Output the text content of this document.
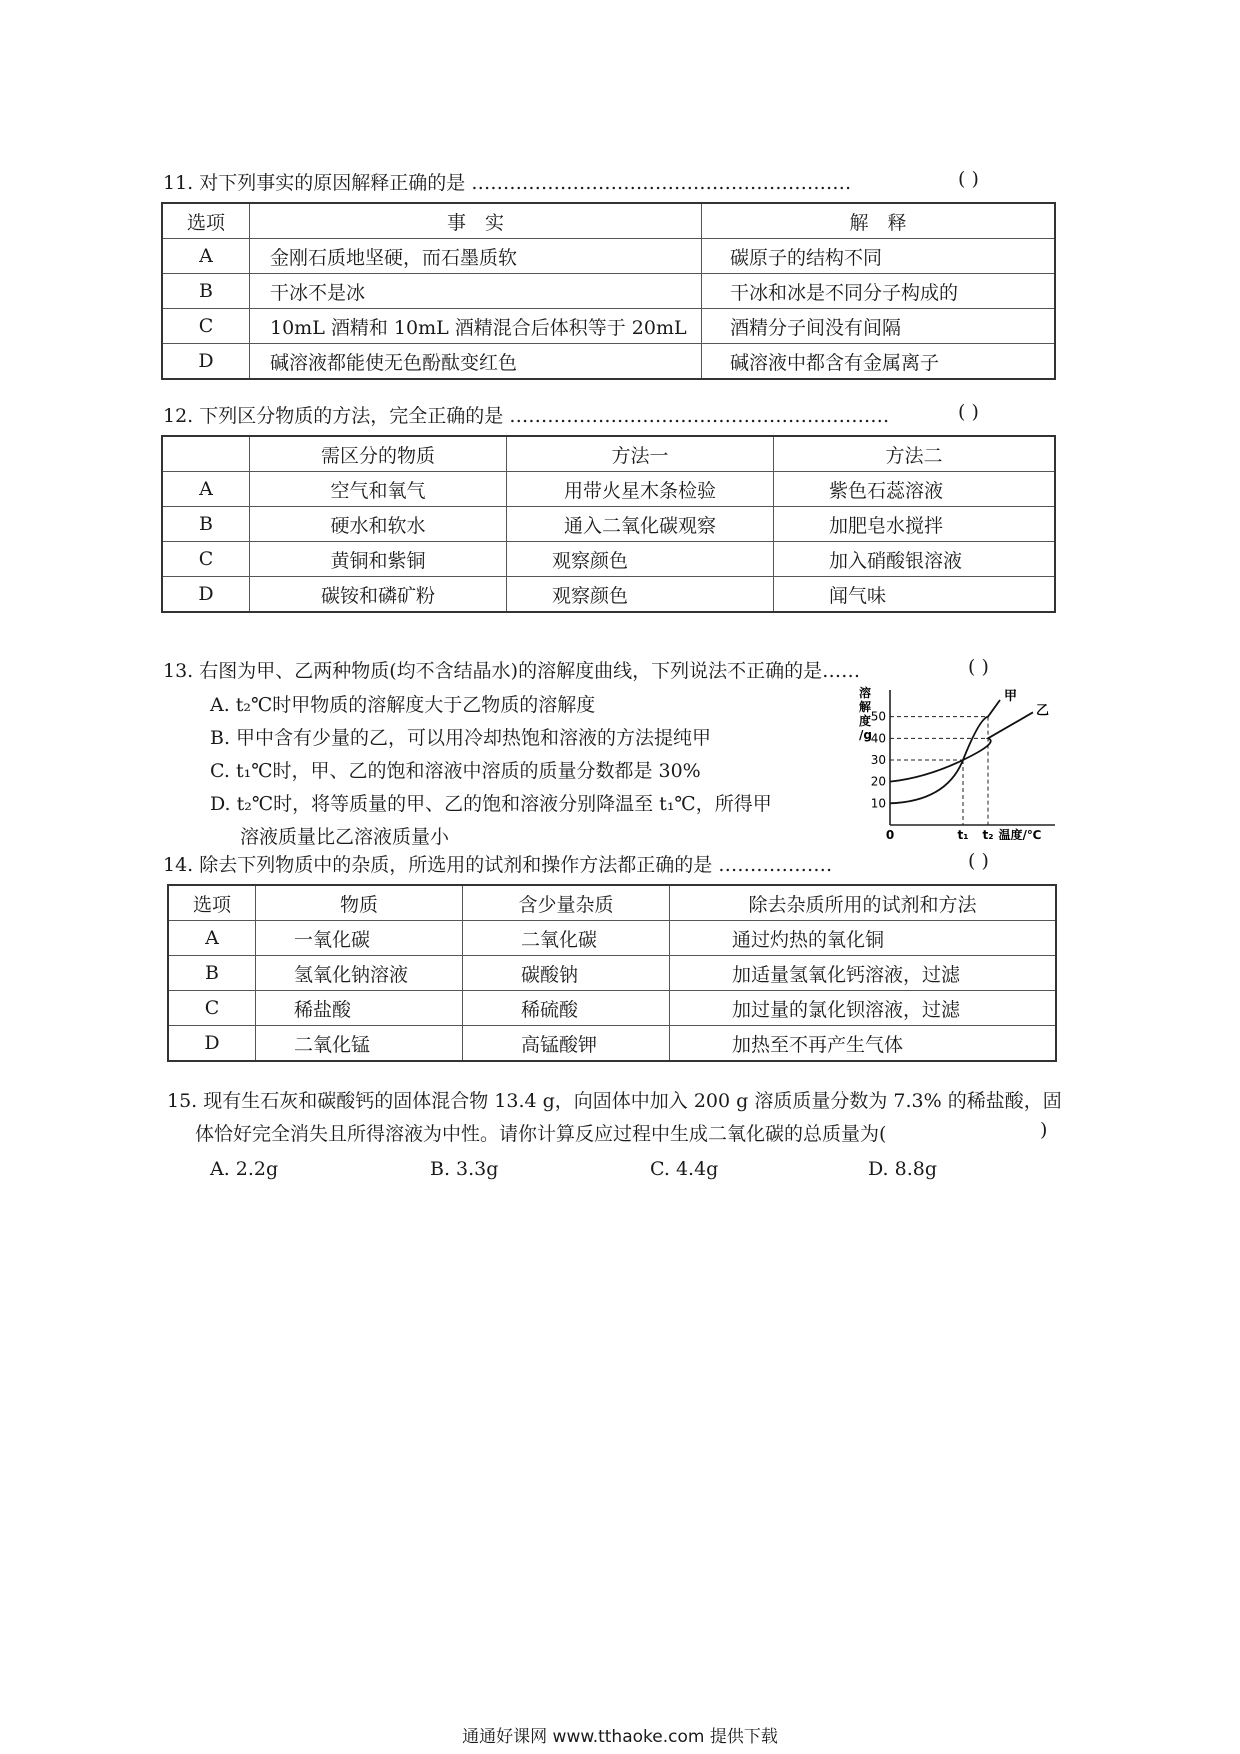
11. 对下列事实的原因解释正确的是 ……………………………………………………	( )
选项	事　实	解　释
A	金刚石质地坚硬，而石墨质软	碳原子的结构不同
B	干冰不是冰	干冰和冰是不同分子构成的
C	10mL 酒精和 10mL 酒精混合后体积等于 20mL	酒精分子间没有间隔
D	碱溶液都能使无色酚酞变红色	碱溶液中都含有金属离子
12. 下列区分物质的方法，完全正确的是 ……………………………………………………	( )
	需区分的物质	方法一	方法二
A	空气和氧气	用带火星木条检验	紫色石蕊溶液
B	硬水和软水	通入二氧化碳观察	加肥皂水搅拌
C	黄铜和紫铜	观察颜色	加入硝酸银溶液
D	碳铵和磷矿粉	观察颜色	闻气味
13. 右图为甲、乙两种物质(均不含结晶水)的溶解度曲线，下列说法不正确的是……	( )
A. t₂℃时甲物质的溶解度大于乙物质的溶解度
B. 甲中含有少量的乙，可以用冷却热饱和溶液的方法提纯甲
C. t₁℃时，甲、乙的饱和溶液中溶质的质量分数都是 30%
D. t₂℃时，将等质量的甲、乙的饱和溶液分别降温至 t₁℃，所得甲
溶液质量比乙溶液质量小
溶
解
度
/g
10
20
30
40
50
0	t₁ t₂ 温度/℃
甲
乙
14. 除去下列物质中的杂质，所选用的试剂和操作方法都正确的是 ………………	( )
选项	物质	含少量杂质	除去杂质所用的试剂和方法
A	一氧化碳	二氧化碳	通过灼热的氧化铜
B	氢氧化钠溶液	碳酸钠	加适量氢氧化钙溶液，过滤
C	稀盐酸	稀硫酸	加过量的氯化钡溶液，过滤
D	二氧化锰	高锰酸钾	加热至不再产生气体
15. 现有生石灰和碳酸钙的固体混合物 13.4 g，向固体中加入 200 g 溶质质量分数为 7.3% 的稀盐酸，固
体恰好完全消失且所得溶液为中性。请你计算反应过程中生成二氧化碳的总质量为(	)
A. 2.2g	B. 3.3g	C. 4.4g	D. 8.8g
通通好课网 www.tthaoke.com 提供下载
